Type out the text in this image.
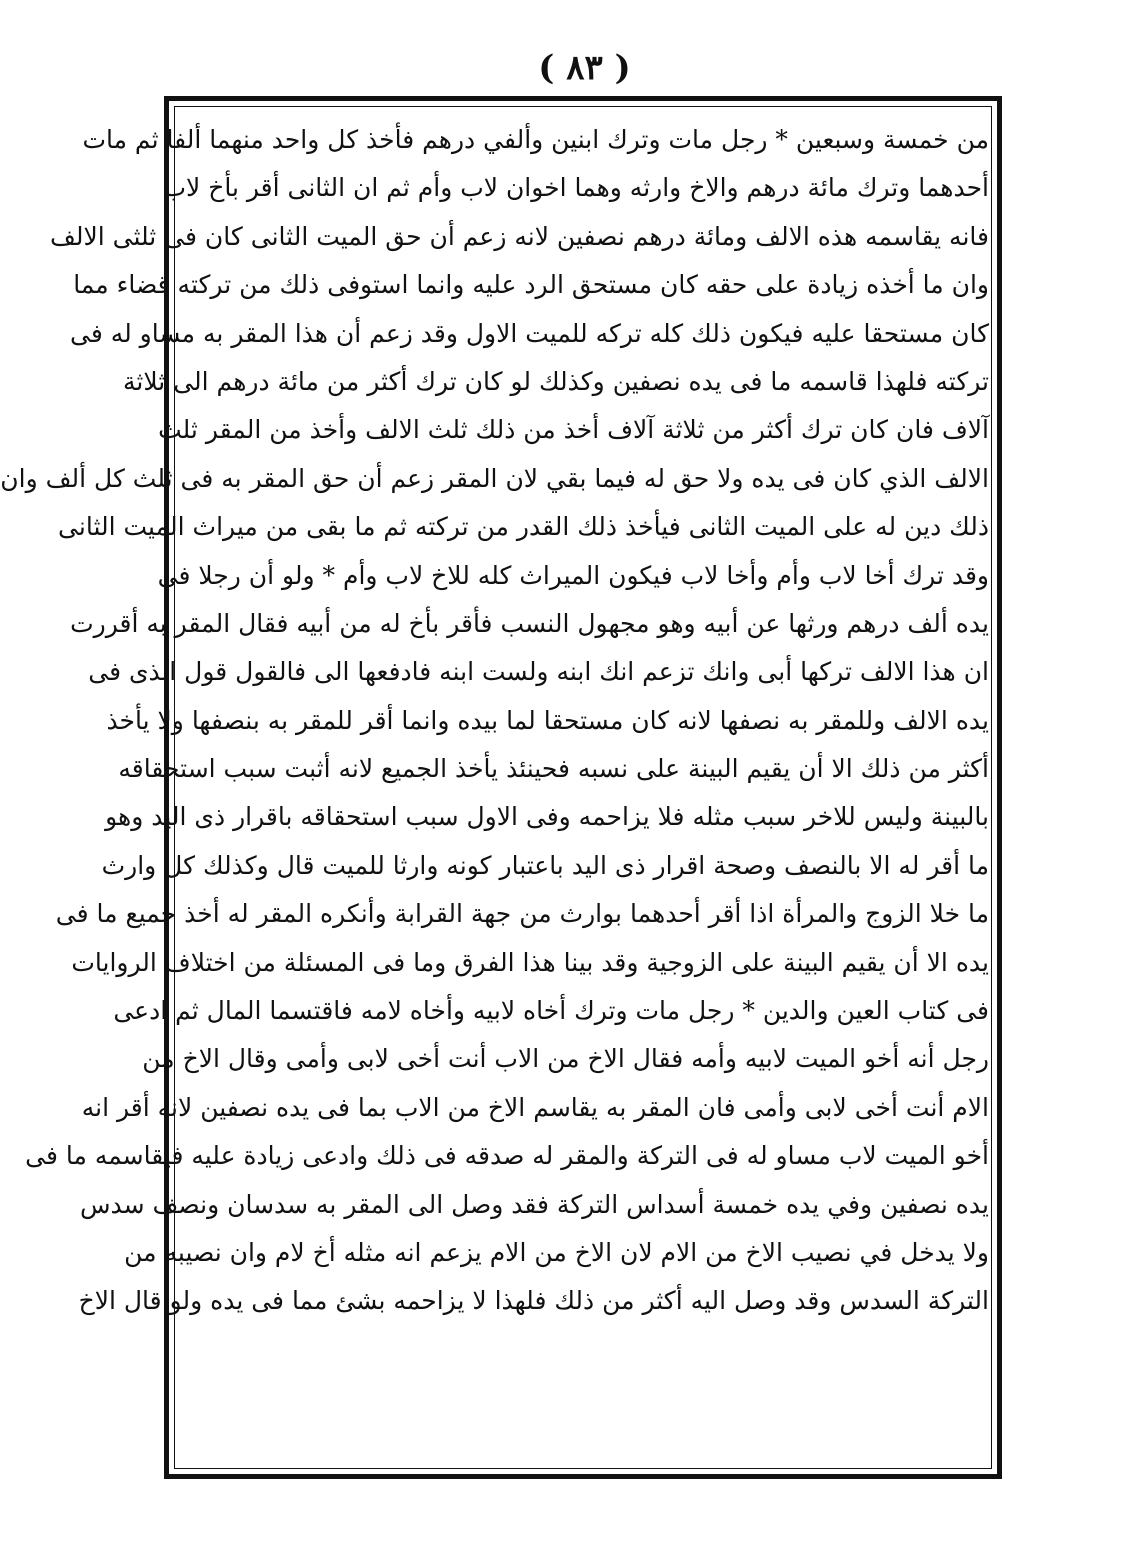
( ٨٣ )
من خمسة وسبعين * رجل مات وترك ابنين وألفي درهم فأخذ كل واحد منهما ألفا ثم مات
أحدهما وترك مائة درهم والاخ وارثه وهما اخوان لاب وأم ثم ان الثانى أقر بأخ لاب
فانه يقاسمه هذه الالف ومائة درهم نصفين لانه زعم أن حق الميت الثانى كان فى ثلثى الالف
وان ما أخذه زيادة على حقه كان مستحق الرد عليه وانما استوفى ذلك من تركته قضاء مما
كان مستحقا عليه فيكون ذلك كله تركه للميت الاول وقد زعم أن هذا المقر به مساو له فى
تركته فلهذا قاسمه ما فى يده نصفين وكذلك لو كان ترك أكثر من مائة درهم الى ثلاثة
آلاف فان كان ترك أكثر من ثلاثة آلاف أخذ من ذلك ثلث الالف وأخذ من المقر ثلث
الالف الذي كان فى يده ولا حق له فيما بقي لان المقر زعم أن حق المقر به فى ثلث كل ألف وان
ذلك دين له على الميت الثانى فيأخذ ذلك القدر من تركته ثم ما بقى من ميراث الميت الثانى
وقد ترك أخا لاب وأم وأخا لاب فيكون الميراث كله للاخ لاب وأم * ولو أن رجلا فى
يده ألف درهم ورثها عن أبيه وهو مجهول النسب فأقر بأخ له من أبيه فقال المقر به أقررت
ان هذا الالف تركها أبى وانك تزعم انك ابنه ولست ابنه فادفعها الى فالقول قول الذى فى
يده الالف وللمقر به نصفها لانه كان مستحقا لما بيده وانما أقر للمقر به بنصفها ولا يأخذ
أكثر من ذلك الا أن يقيم البينة على نسبه فحينئذ يأخذ الجميع لانه أثبت سبب استحقاقه
بالبينة وليس للاخر سبب مثله فلا يزاحمه وفى الاول سبب استحقاقه باقرار ذى اليد وهو
ما أقر له الا بالنصف وصحة اقرار ذى اليد باعتبار كونه وارثا للميت قال وكذلك كل وارث
ما خلا الزوج والمرأة اذا أقر أحدهما بوارث من جهة القرابة وأنكره المقر له أخذ جميع ما فى
يده الا أن يقيم البينة على الزوجية وقد بينا هذا الفرق وما فى المسئلة من اختلاف الروايات
فى كتاب العين والدين * رجل مات وترك أخاه لابيه وأخاه لامه فاقتسما المال ثم ادعى
رجل أنه أخو الميت لابيه وأمه فقال الاخ من الاب أنت أخى لابى وأمى وقال الاخ من
الام أنت أخى لابى وأمى فان المقر به يقاسم الاخ من الاب بما فى يده نصفين لانه أقر انه
أخو الميت لاب مساو له فى التركة والمقر له صدقه فى ذلك وادعى زيادة عليه فيقاسمه ما فى
يده نصفين وفي يده خمسة أسداس التركة فقد وصل الى المقر به سدسان ونصف سدس
ولا يدخل في نصيب الاخ من الام لان الاخ من الام يزعم انه مثله أخ لام وان نصيبه من
التركة السدس وقد وصل اليه أكثر من ذلك فلهذا لا يزاحمه بشئ مما فى يده ولو قال الاخ
